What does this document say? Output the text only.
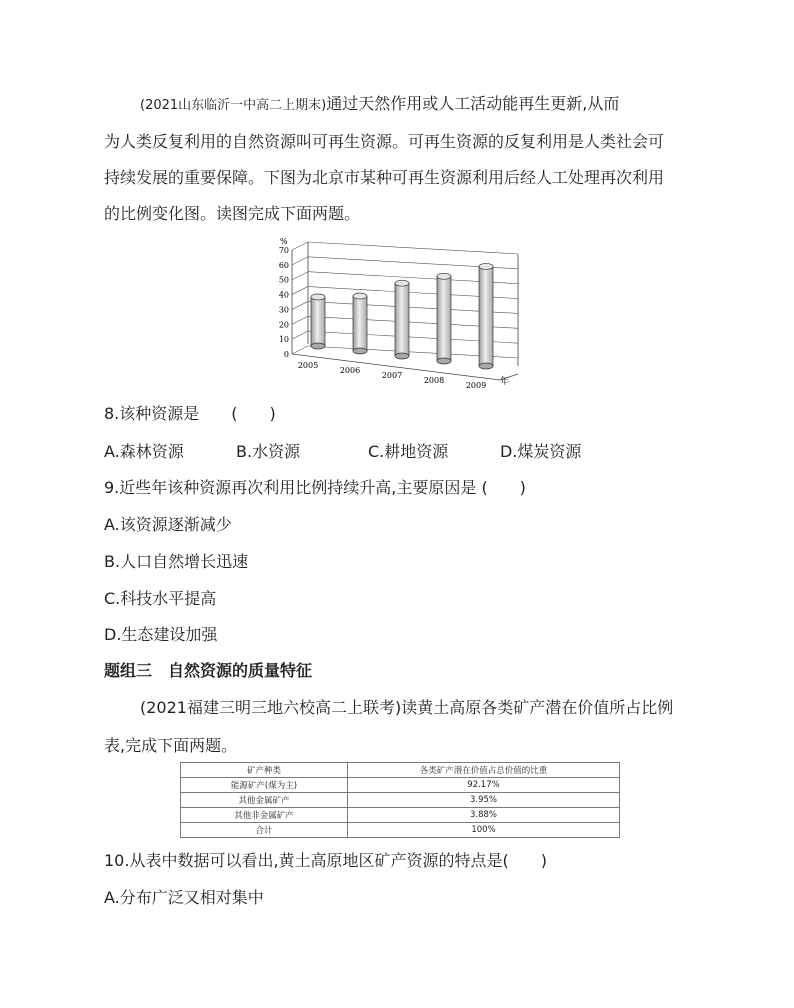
(2021山东临沂一中高二上期末)通过天然作用或人工活动能再生更新,从而
为人类反复利用的自然资源叫可再生资源。可再生资源的反复利用是人类社会可
持续发展的重要保障。下图为北京市某种可再生资源利用后经人工处理再次利用
的比例变化图。读图完成下面两题。
0
10
20
30
40
50
60
70
2005
2006
2007
2008
2009
%
年
8.该种资源是　　(　　)
A.森林资源	B.水资源	C.耕地资源	D.煤炭资源
9.近些年该种资源再次利用比例持续升高,主要原因是 (　　)
A.该资源逐渐减少
B.人口自然增长迅速
C.科技水平提高
D.生态建设加强
题组三　自然资源的质量特征
(2021福建三明三地六校高二上联考)读黄土高原各类矿产潜在价值所占比例
表,完成下面两题。
矿产种类	各类矿产潜在价值占总价值的比重
能源矿产(煤为主)	92.17%
其他金属矿产	3.95%
其他非金属矿产	3.88%
合计	100%
10.从表中数据可以看出,黄土高原地区矿产资源的特点是(　　)
A.分布广泛又相对集中
